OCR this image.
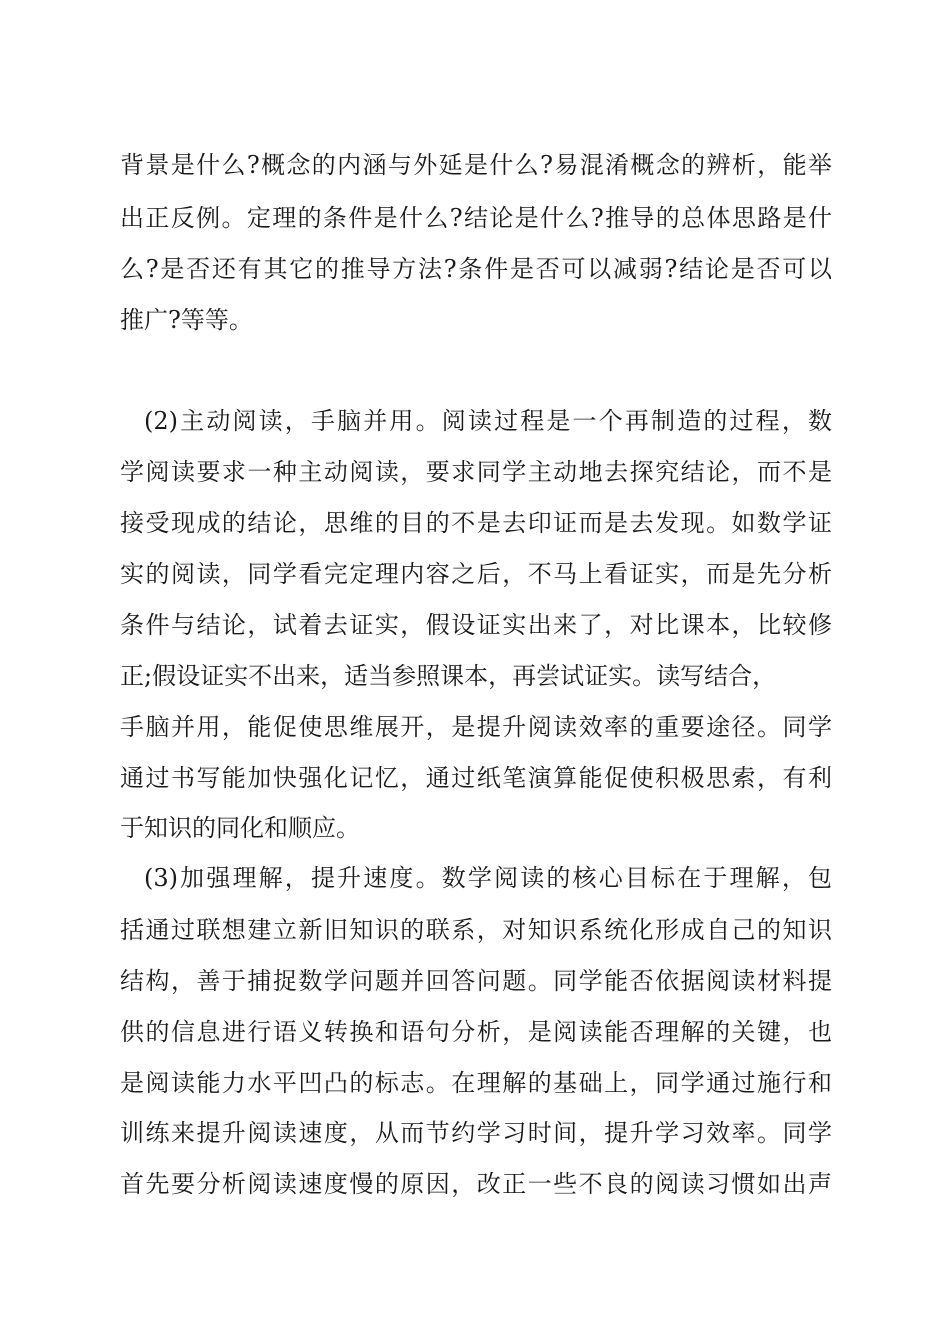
背景是什么?概念的内涵与外延是什么?易混淆概念的辨析，能举
出正反例。定理的条件是什么?结论是什么?推导的总体思路是什
么?是否还有其它的推导方法?条件是否可以减弱?结论是否可以
推广?等等。
(2)主动阅读，手脑并用。阅读过程是一个再制造的过程，数
学阅读要求一种主动阅读，要求同学主动地去探究结论，而不是
接受现成的结论，思维的目的不是去印证而是去发现。如数学证
实的阅读，同学看完定理内容之后，不马上看证实，而是先分析
条件与结论，试着去证实，假设证实出来了，对比课本，比较修
正;假设证实不出来，适当参照课本，再尝试证实。读写结合，
手脑并用，能促使思维展开，是提升阅读效率的重要途径。同学
通过书写能加快强化记忆，通过纸笔演算能促使积极思索，有利
于知识的同化和顺应。
(3)加强理解，提升速度。数学阅读的核心目标在于理解，包
括通过联想建立新旧知识的联系，对知识系统化形成自己的知识
结构，善于捕捉数学问题并回答问题。同学能否依据阅读材料提
供的信息进行语义转换和语句分析，是阅读能否理解的关键，也
是阅读能力水平凹凸的标志。在理解的基础上，同学通过施行和
训练来提升阅读速度，从而节约学习时间，提升学习效率。同学
首先要分析阅读速度慢的原因，改正一些不良的阅读习惯如出声
